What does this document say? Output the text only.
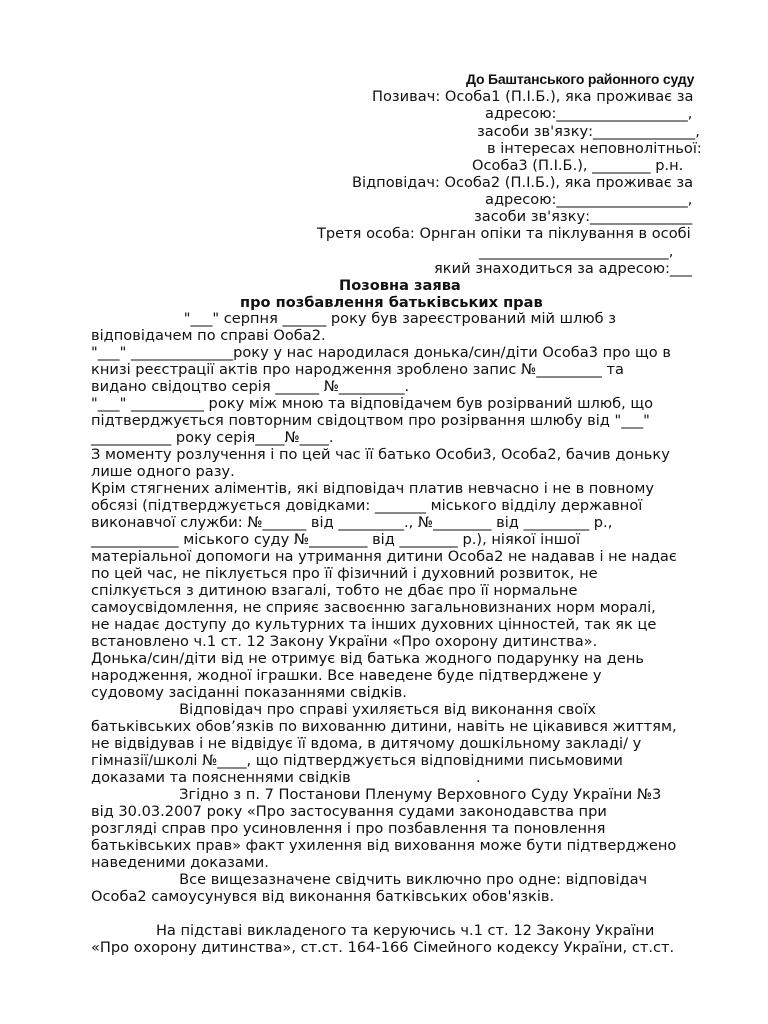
До Баштанського районного суду
Позивач: Особа1 (П.І.Б.), яка проживає за
адресою:__________________,
засоби зв'язку:______________,
в інтересах неповнолітньої:
Особа3 (П.І.Б.), ________ р.н.
Відповідач: Особа2 (П.І.Б.), яка проживає за
адресою:__________________,
засоби зв'язку:______________
Третя особа: Орнган опіки та піклування в особі
__________________________,
який знаходиться за адресою:___
Позовна заява
про позбавлення батьківських прав

"___" серпня ______ року був зареєстрований мій шлюб з

відповідачем по справі Ооба2.

"___" ______________року у нас народилася донька/син/діти Особа3 про що в

книзі реєстрації актів про народження зроблено запис №_________ та

видано свідоцтво серія ______ №_________.

"___" __________ року між мною та відповідачем був розірваний шлюб, що

підтверджується повторним свідоцтвом про розірвання шлюбу від "___"

___________ року серія____№____.

З моменту розлучення і по цей час її батько Особи3, Особа2, бачив доньку

лише одного разу.

Крім стягнених аліментів, які відповідач платив невчасно і не в повному

обсязі (підтверджується довідками: _______ міського відділу державної

виконавчої служби: №______ від _________., №________ від _________ р.,

____________ міського суду №________ від ________ р.), ніякої іншої

матеріальної допомоги на утримання дитини Особа2 не надавав і не надає

по цей час, не піклується про її фізичний і духовний розвиток, не

спілкується з дитиною взагалі, тобто не дбає про її нормальне

самоусвідомлення, не сприяє засвоєнню загальновизнаних норм моралі,

не надає доступу до культурних та інших духовних цінностей, так як це

встановлено ч.1 ст. 12 Закону України «Про охорону дитинства».

Донька/син/діти від не отримує від батька жодного подарунку на день

народження, жодної іграшки. Все наведене буде підтверджене у

судовому засіданні показаннями свідків.

Відповідач про справі ухиляється від виконання своїх

батьківських обов’язків по вихованню дитини, навіть не цікавився життям,

не відвідував і не відвідує її вдома, в дитячому дошкільному закладі/ у

гімназії/школі №____, що підтверджується відповідними письмовими

доказами та поясненнями свідків                           .

Згідно з п. 7 Постанови Пленуму Верховного Суду України №3

від 30.03.2007 року «Про застосування судами законодавства при

розгляді справ про усиновлення і про позбавлення та поновлення

батьківських прав» факт ухилення від виховання може бути підтверджено

наведеними доказами.

Все вищезазначене свідчить виключно про одне: відповідач

Особа2 самоусунувся від виконання батківських обов'язків.

На підставі викладеного та керуючись ч.1 ст. 12 Закону України

«Про охорону дитинства», ст.ст. 164-166 Сімейного кодексу України, ст.ст.
